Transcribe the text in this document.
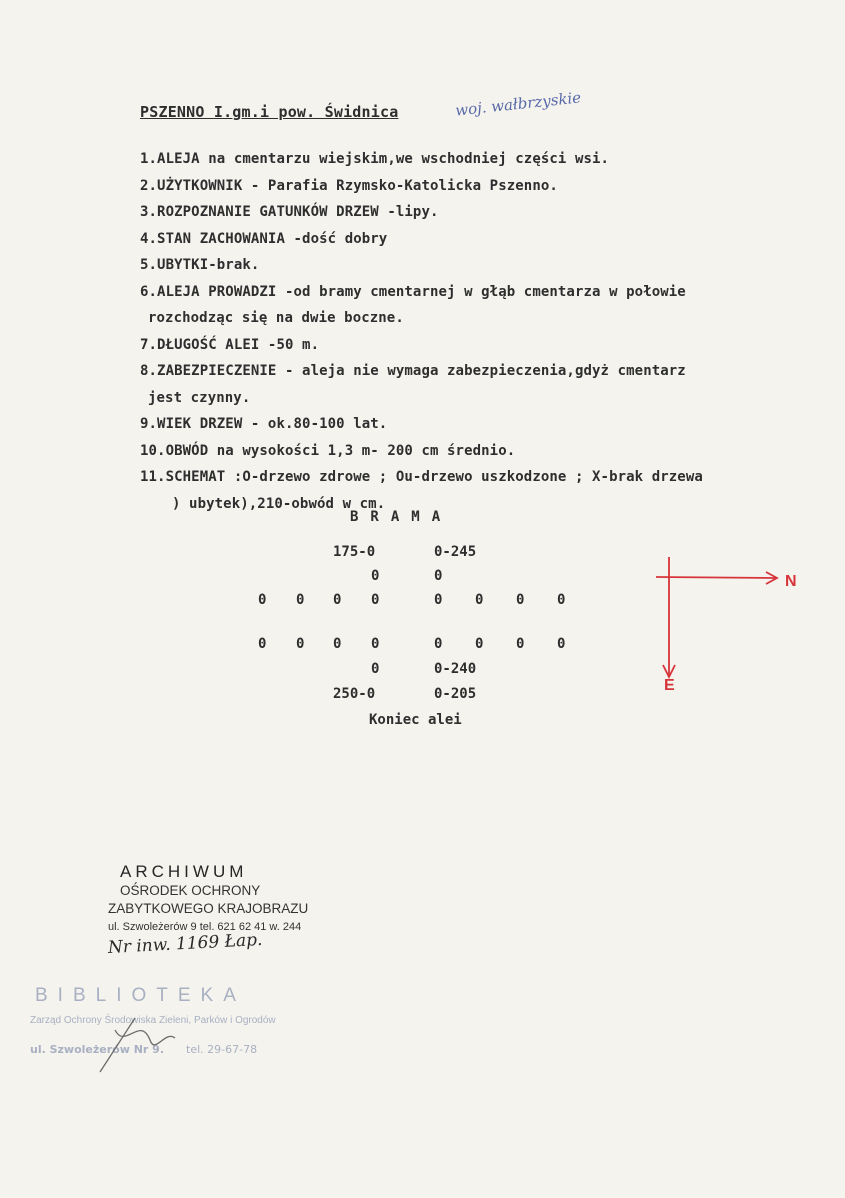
PSZENNO I.gm.i pow. Świdnica	woj. wałbrzyskie
1.ALEJA na cmentarzu wiejskim,we wschodniej części wsi.
2.UŻYTKOWNIK - Parafia Rzymsko-Katolicka Pszenno.
3.ROZPOZNANIE GATUNKÓW DRZEW -lipy.
4.STAN ZACHOWANIA -dość dobry
5.UBYTKI-brak.
6.ALEJA PROWADZI -od bramy cmentarnej w głąb cmentarza w połowie
rozchodząc się na dwie boczne.
7.DŁUGOŚĆ ALEI -50 m.
8.ZABEZPIECZENIE - aleja nie wymaga zabezpieczenia,gdyż cmentarz
jest czynny.
9.WIEK DRZEW - ok.80-100 lat.
10.OBWÓD na wysokości 1,3 m- 200 cm średnio.
11.SCHEMAT :O-drzewo zdrowe ; Ou-drzewo uszkodzone ; X-brak drzewa
) ubytek),210-obwód w cm.
BRAMA
175-0	0-245
0	0
0 0 0 0	0 0 0 0
0 0 0 0	0 0 0 0
0	0-240
250-0	0-205
Koniec alei
N
E
ARCHIWUM
OŚRODEK OCHRONY
ZABYTKOWEGO KRAJOBRAZU
ul. Szwoleżerów 9 tel. 621 62 41 w. 244
Nr inw. 1169 Łap.
BIBLIOTEKA
Zarząd Ochrony Środowiska Zieleni, Parków i Ogrodów
ul. Szwoleżerów Nr 9. tel. 29-67-78
